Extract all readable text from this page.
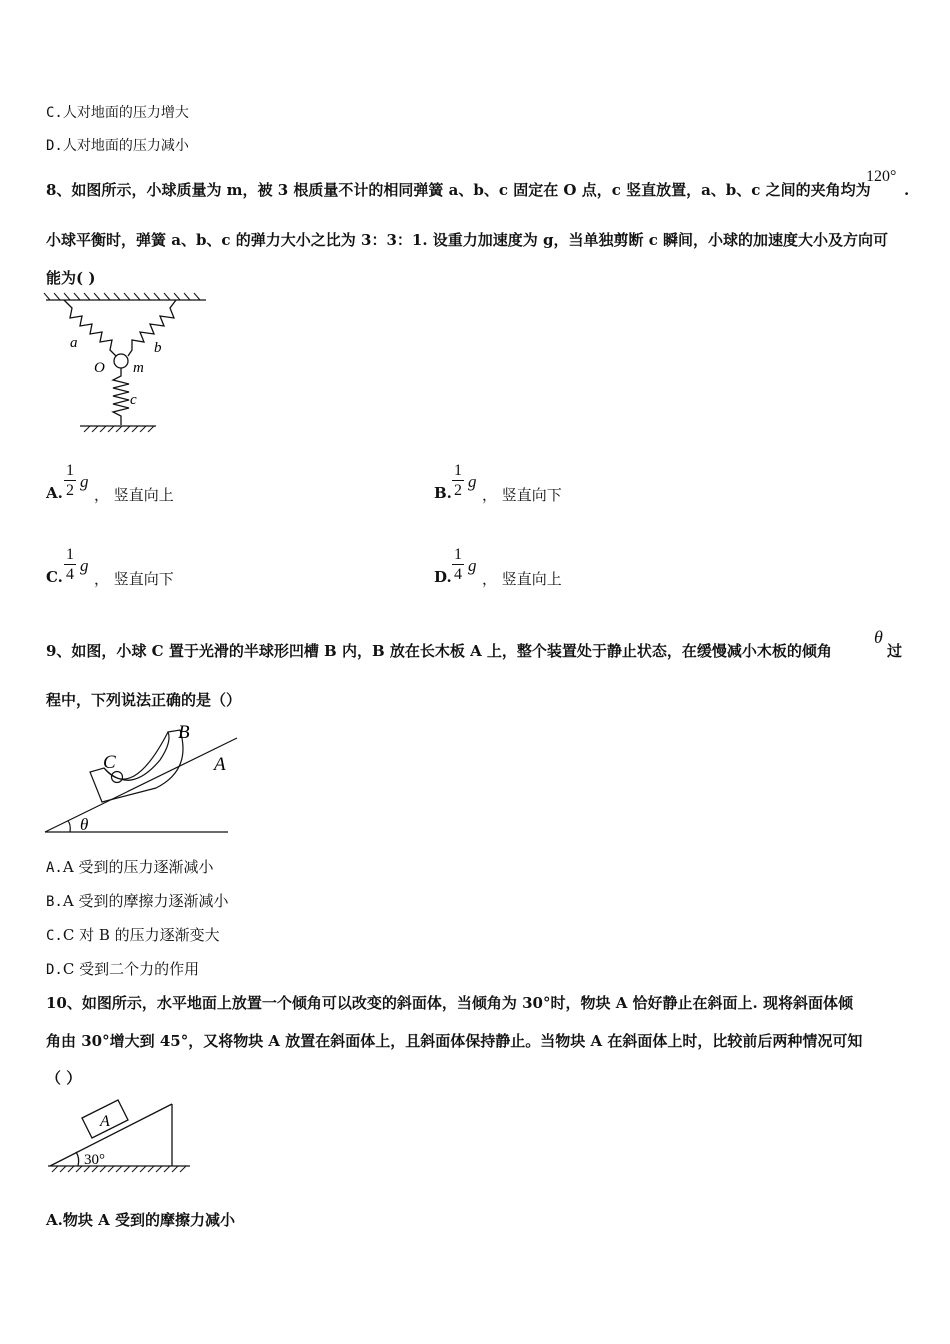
C.人对地面的压力增大
D.人对地面的压力减小
8、如图所示，小球质量为 m，被 3 根质量不计的相同弹簧 a、b、c 固定在 O 点，c 竖直放置，a、b、c 之间的夹角均为
120°
.
小球平衡时，弹簧 a、b、c 的弹力大小之比为 3：3：1. 设重力加速度为 g，当单独剪断 c 瞬间，小球的加速度大小及方向可
能为( )
a	b
O m
c
A.
1
2 g
， 竖直向上	B.
1
2 g
， 竖直向下
C.
1
4 g
， 竖直向下	D.
1
4 g
， 竖直向上
9、如图，小球 C 置于光滑的半球形凹槽 B 内，B 放在长木板 A 上，整个装置处于静止状态，在缓慢减小木板的倾角
θ
过
程中，下列说法正确的是（）
B
C	A
θ
A.A 受到的压力逐渐减小
B.A 受到的摩擦力逐渐减小
C.C 对 B 的压力逐渐变大
D.C 受到二个力的作用
10、如图所示，水平地面上放置一个倾角可以改变的斜面体，当倾角为 30°时，物块 A 恰好静止在斜面上. 现将斜面体倾
角由 30°增大到 45°，又将物块 A 放置在斜面体上，且斜面体保持静止。当物块 A 在斜面体上时，比较前后两种情况可知
（ ）
A
30°
A.物块 A 受到的摩擦力减小
